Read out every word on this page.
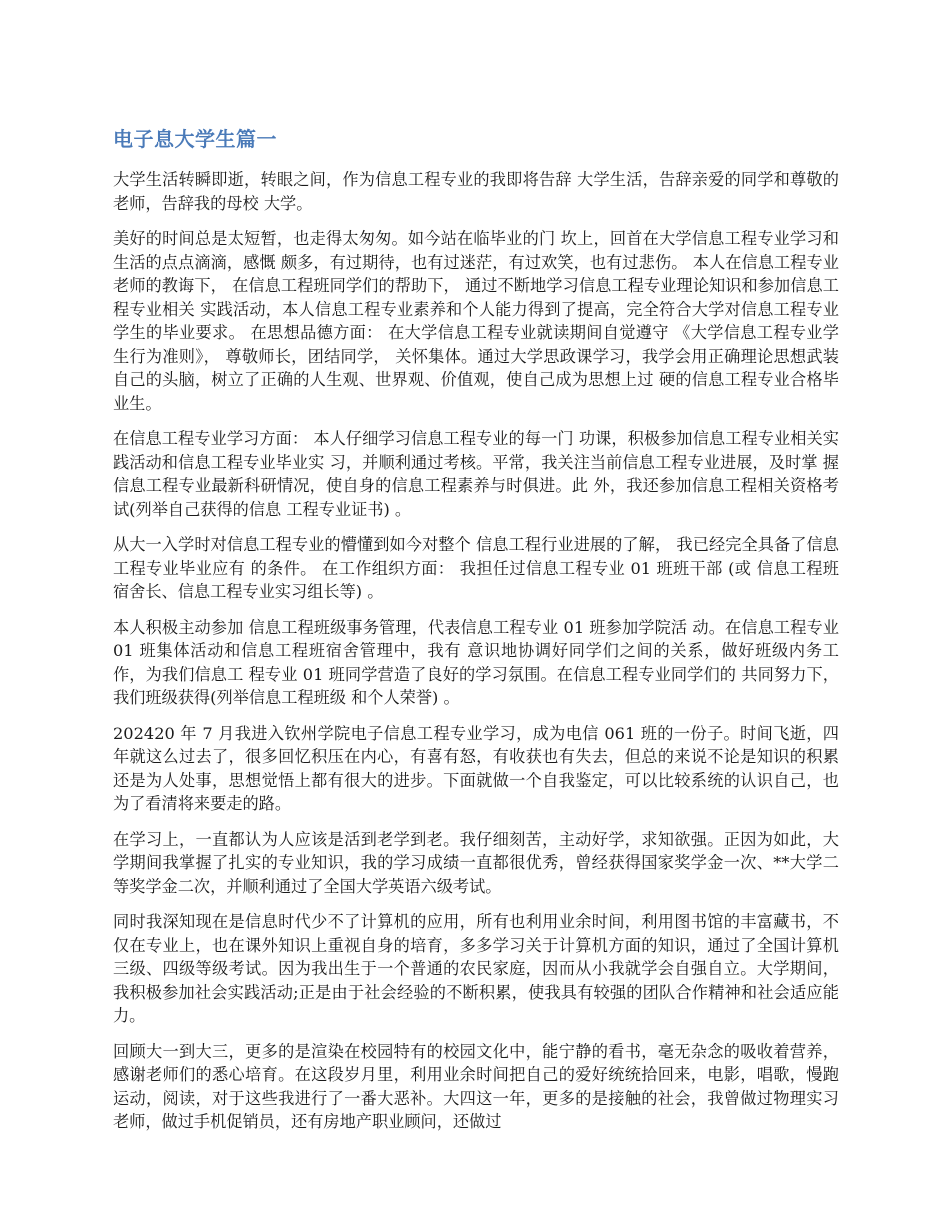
电子息大学生篇一

大学生活转瞬即逝，转眼之间，作为信息工程专业的我即将告辞 大学生活，告辞亲爱的同学和尊敬的老师，告辞我的母校 大学。

美好的时间总是太短暂，也走得太匆匆。如今站在临毕业的门 坎上，回首在大学信息工程专业学习和生活的点点滴滴，感慨 颇多，有过期待，也有过迷茫，有过欢笑，也有过悲伤。 本人在信息工程专业老师的教诲下， 在信息工程班同学们的帮助下， 通过不断地学习信息工程专业理论知识和参加信息工程专业相关 实践活动，本人信息工程专业素养和个人能力得到了提高，完全符合大学对信息工程专业学生的毕业要求。 在思想品德方面： 在大学信息工程专业就读期间自觉遵守 《大学信息工程专业学生行为准则》， 尊敬师长，团结同学， 关怀集体。通过大学思政课学习，我学会用正确理论思想武装自己的头脑，树立了正确的人生观、世界观、价值观，使自己成为思想上过 硬的信息工程专业合格毕业生。

在信息工程专业学习方面： 本人仔细学习信息工程专业的每一门 功课，积极参加信息工程专业相关实践活动和信息工程专业毕业实 习，并顺利通过考核。平常，我关注当前信息工程专业进展，及时掌 握信息工程专业最新科研情况，使自身的信息工程素养与时俱进。此 外，我还参加信息工程相关资格考试(列举自己获得的信息 工程专业证书) 。

从大一入学时对信息工程专业的懵懂到如今对整个 信息工程行业进展的了解， 我已经完全具备了信息工程专业毕业应有 的条件。 在工作组织方面： 我担任过信息工程专业 01 班班干部 (或 信息工程班宿舍长、信息工程专业实习组长等) 。

本人积极主动参加 信息工程班级事务管理，代表信息工程专业 01 班参加学院活 动。在信息工程专业 01 班集体活动和信息工程班宿舍管理中，我有 意识地协调好同学们之间的关系，做好班级内务工作，为我们信息工 程专业 01 班同学营造了良好的学习氛围。在信息工程专业同学们的 共同努力下，我们班级获得(列举信息工程班级 和个人荣誉) 。

202420 年 7 月我进入钦州学院电子信息工程专业学习，成为电信 061 班的一份子。时间飞逝，四年就这么过去了，很多回忆积压在内心，有喜有怒，有收获也有失去，但总的来说不论是知识的积累还是为人处事，思想觉悟上都有很大的进步。下面就做一个自我鉴定，可以比较系统的认识自己，也为了看清将来要走的路。

在学习上，一直都认为人应该是活到老学到老。我仔细刻苦，主动好学，求知欲强。正因为如此，大学期间我掌握了扎实的专业知识，我的学习成绩一直都很优秀，曾经获得国家奖学金一次、**大学二等奖学金二次，并顺利通过了全国大学英语六级考试。

同时我深知现在是信息时代少不了计算机的应用，所有也利用业余时间，利用图书馆的丰富藏书，不仅在专业上，也在课外知识上重视自身的培育，多多学习关于计算机方面的知识，通过了全国计算机三级、四级等级考试。因为我出生于一个普通的农民家庭，因而从小我就学会自强自立。大学期间，我积极参加社会实践活动;正是由于社会经验的不断积累，使我具有较强的团队合作精神和社会适应能力。

回顾大一到大三，更多的是渲染在校园特有的校园文化中，能宁静的看书，毫无杂念的吸收着营养，感谢老师们的悉心培育。在这段岁月里，利用业余时间把自己的爱好统统拾回来，电影，唱歌，慢跑运动，阅读，对于这些我进行了一番大恶补。大四这一年，更多的是接触的社会，我曾做过物理实习老师，做过手机促销员，还有房地产职业顾问，还做过
